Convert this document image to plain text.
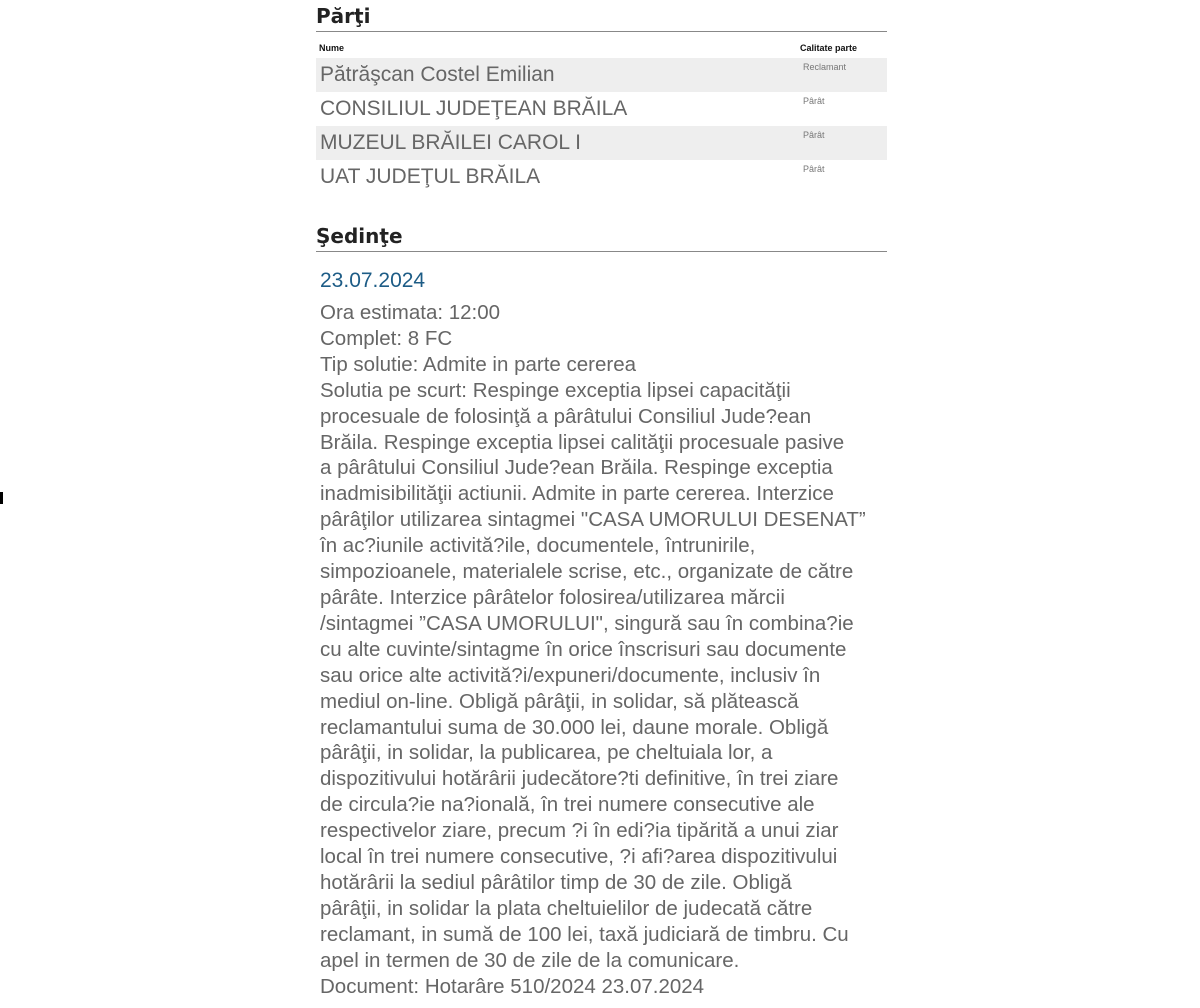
Părţi
Nume	Calitate parte
Pătrăşcan Costel Emilian	Reclamant
CONSILIUL JUDEŢEAN BRĂILA	Pârât
MUZEUL BRĂILEI CAROL I	Pârât
UAT JUDEŢUL BRĂILA	Pârât
Şedinţe
23.07.2024
Ora estimata: 12:00
Complet: 8 FC
Tip solutie: Admite in parte cererea
Solutia pe scurt: Respinge exceptia lipsei capacităţii
procesuale de folosinţă a pârâtului Consiliul Jude?ean
Brăila. Respinge exceptia lipsei calităţii procesuale pasive
a pârâtului Consiliul Jude?ean Brăila. Respinge exceptia
inadmisibilităţii actiunii. Admite in parte cererea. Interzice
pârâţilor utilizarea sintagmei "CASA UMORULUI DESENAT”
în ac?iunile activită?ile, documentele, întrunirile,
simpozioanele, materialele scrise, etc., organizate de către
pârâte. Interzice pârâtelor folosirea/utilizarea mărcii
/sintagmei ”CASA UMORULUI", singură sau în combina?ie
cu alte cuvinte/sintagme în orice înscrisuri sau documente
sau orice alte activită?i/expuneri/documente, inclusiv în
mediul on-line. Obligă pârâţii, in solidar, să plătească
reclamantului suma de 30.000 lei, daune morale. Obligă
pârâţii, in solidar, la publicarea, pe cheltuiala lor, a
dispozitivului hotărârii judecătore?ti definitive, în trei ziare
de circula?ie na?ională, în trei numere consecutive ale
respectivelor ziare, precum ?i în edi?ia tipărită a unui ziar
local în trei numere consecutive, ?i afi?area dispozitivului
hotărârii la sediul pârâtilor timp de 30 de zile. Obligă
pârâţii, in solidar la plata cheltuielilor de judecată către
reclamant, in sumă de 100 lei, taxă judiciară de timbru. Cu
apel in termen de 30 de zile de la comunicare.
Document: Hotarâre 510/2024 23.07.2024
